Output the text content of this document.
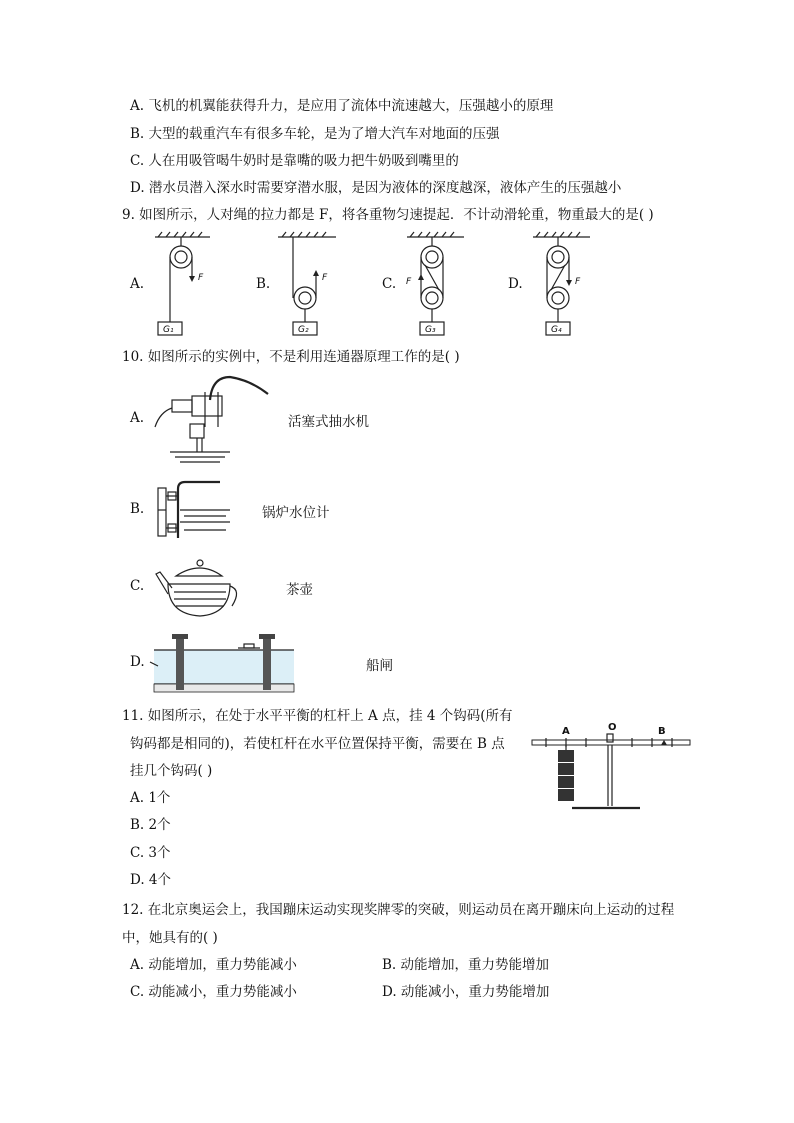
A. 飞机的机翼能获得升力，是应用了流体中流速越大，压强越小的原理
B. 大型的载重汽车有很多车轮，是为了增大汽车对地面的压强
C. 人在用吸管喝牛奶时是靠嘴的吸力把牛奶吸到嘴里的
D. 潜水员潜入深水时需要穿潜水服，是因为液体的深度越深，液体产生的压强越小
9. 如图所示，人对绳的拉力都是 F，将各重物匀速提起．不计动滑轮重，物重最大的是( )
A.	B.	C.	D.
F
G₁
F
G₂
F
G₃
F
G₄
10. 如图所示的实例中，不是利用连通器原理工作的是( )
A.	活塞式抽水机
B.	锅炉水位计
C.	茶壶
D.	船闸
11. 如图所示，在处于水平平衡的杠杆上 A 点，挂 4 个钩码(所有
钩码都是相同的)，若使杠杆在水平位置保持平衡，需要在 B 点
挂几个钩码( )
A. 1个
B. 2个
C. 3个
D. 4个
A	O	B
12. 在北京奥运会上，我国蹦床运动实现奖牌零的突破，则运动员在离开蹦床向上运动的过程
中，她具有的( )
A. 动能增加，重力势能减小	B. 动能增加，重力势能增加
C. 动能减小，重力势能减小	D. 动能减小，重力势能增加
